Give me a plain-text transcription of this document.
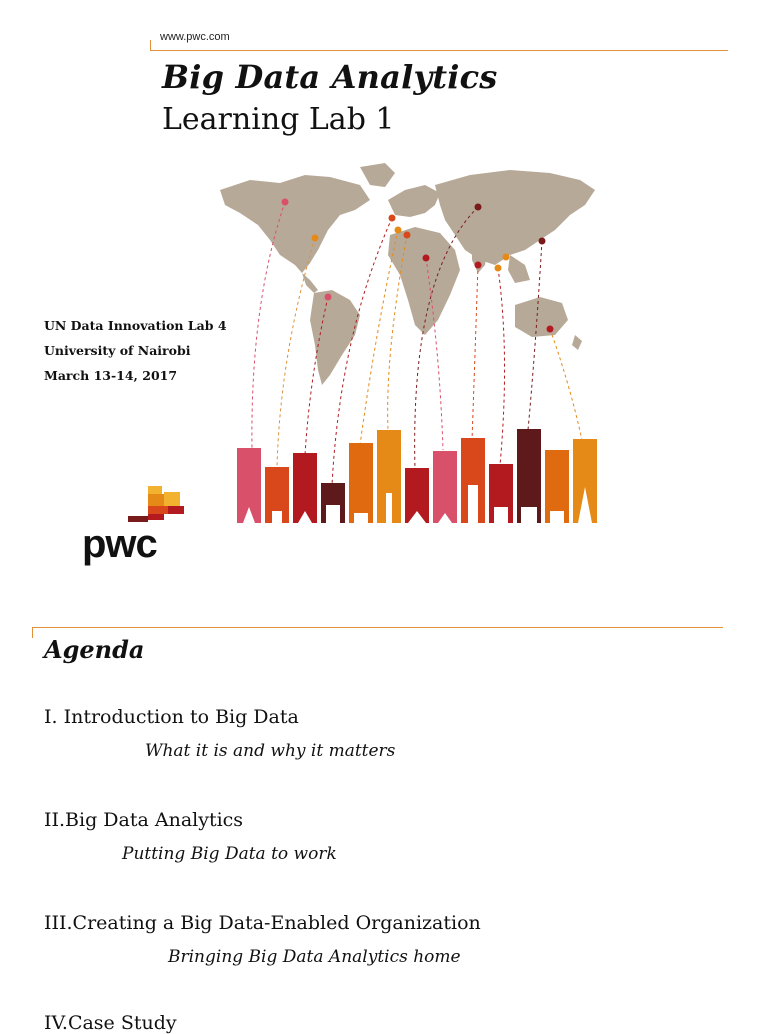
www.pwc.com
Big Data Analytics
Learning Lab 1
UN Data Innovation Lab 4
University of Nairobi
March 13-14, 2017
pwc
Agenda
I. Introduction to Big Data
What it is and why it matters
II.Big Data Analytics
Putting Big Data to work
III.Creating a Big Data-Enabled Organization
Bringing Big Data Analytics home
IV.Case Study
